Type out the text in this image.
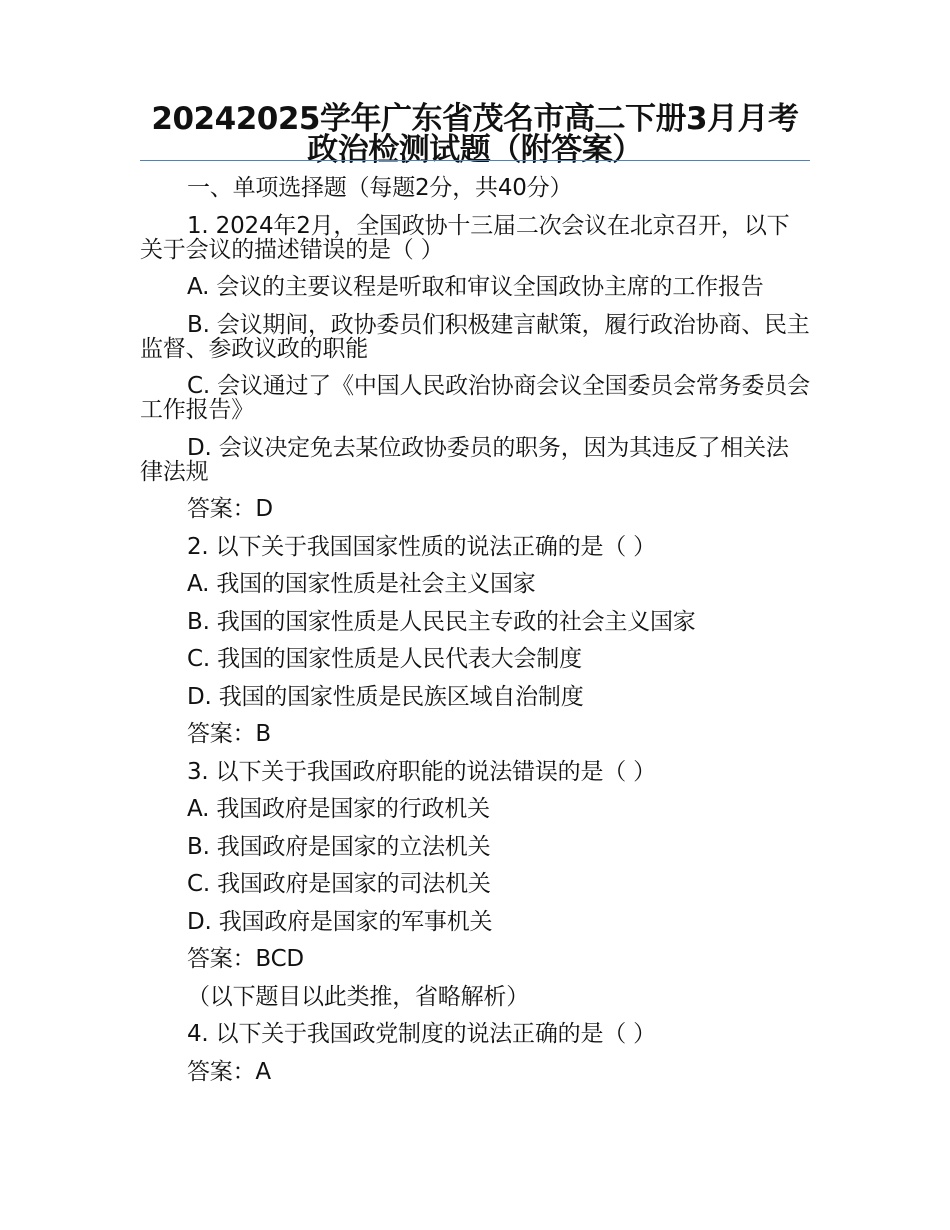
20242025学年广东省茂名市高二下册3月月考政治检测试题（附答案）

一、单项选择题（每题2分，共40分）

1. 2024年2月，全国政协十三届二次会议在北京召开，以下关于会议的描述错误的是（ ）

A. 会议的主要议程是听取和审议全国政协主席的工作报告

B. 会议期间，政协委员们积极建言献策，履行政治协商、民主监督、参政议政的职能

C. 会议通过了《中国人民政治协商会议全国委员会常务委员会工作报告》

D. 会议决定免去某位政协委员的职务，因为其违反了相关法律法规

答案：D

2. 以下关于我国国家性质的说法正确的是（ ）

A. 我国的国家性质是社会主义国家

B. 我国的国家性质是人民民主专政的社会主义国家

C. 我国的国家性质是人民代表大会制度

D. 我国的国家性质是民族区域自治制度

答案：B

3. 以下关于我国政府职能的说法错误的是（ ）

A. 我国政府是国家的行政机关

B. 我国政府是国家的立法机关

C. 我国政府是国家的司法机关

D. 我国政府是国家的军事机关

答案：BCD

（以下题目以此类推，省略解析）

4. 以下关于我国政党制度的说法正确的是（ ）

答案：A
